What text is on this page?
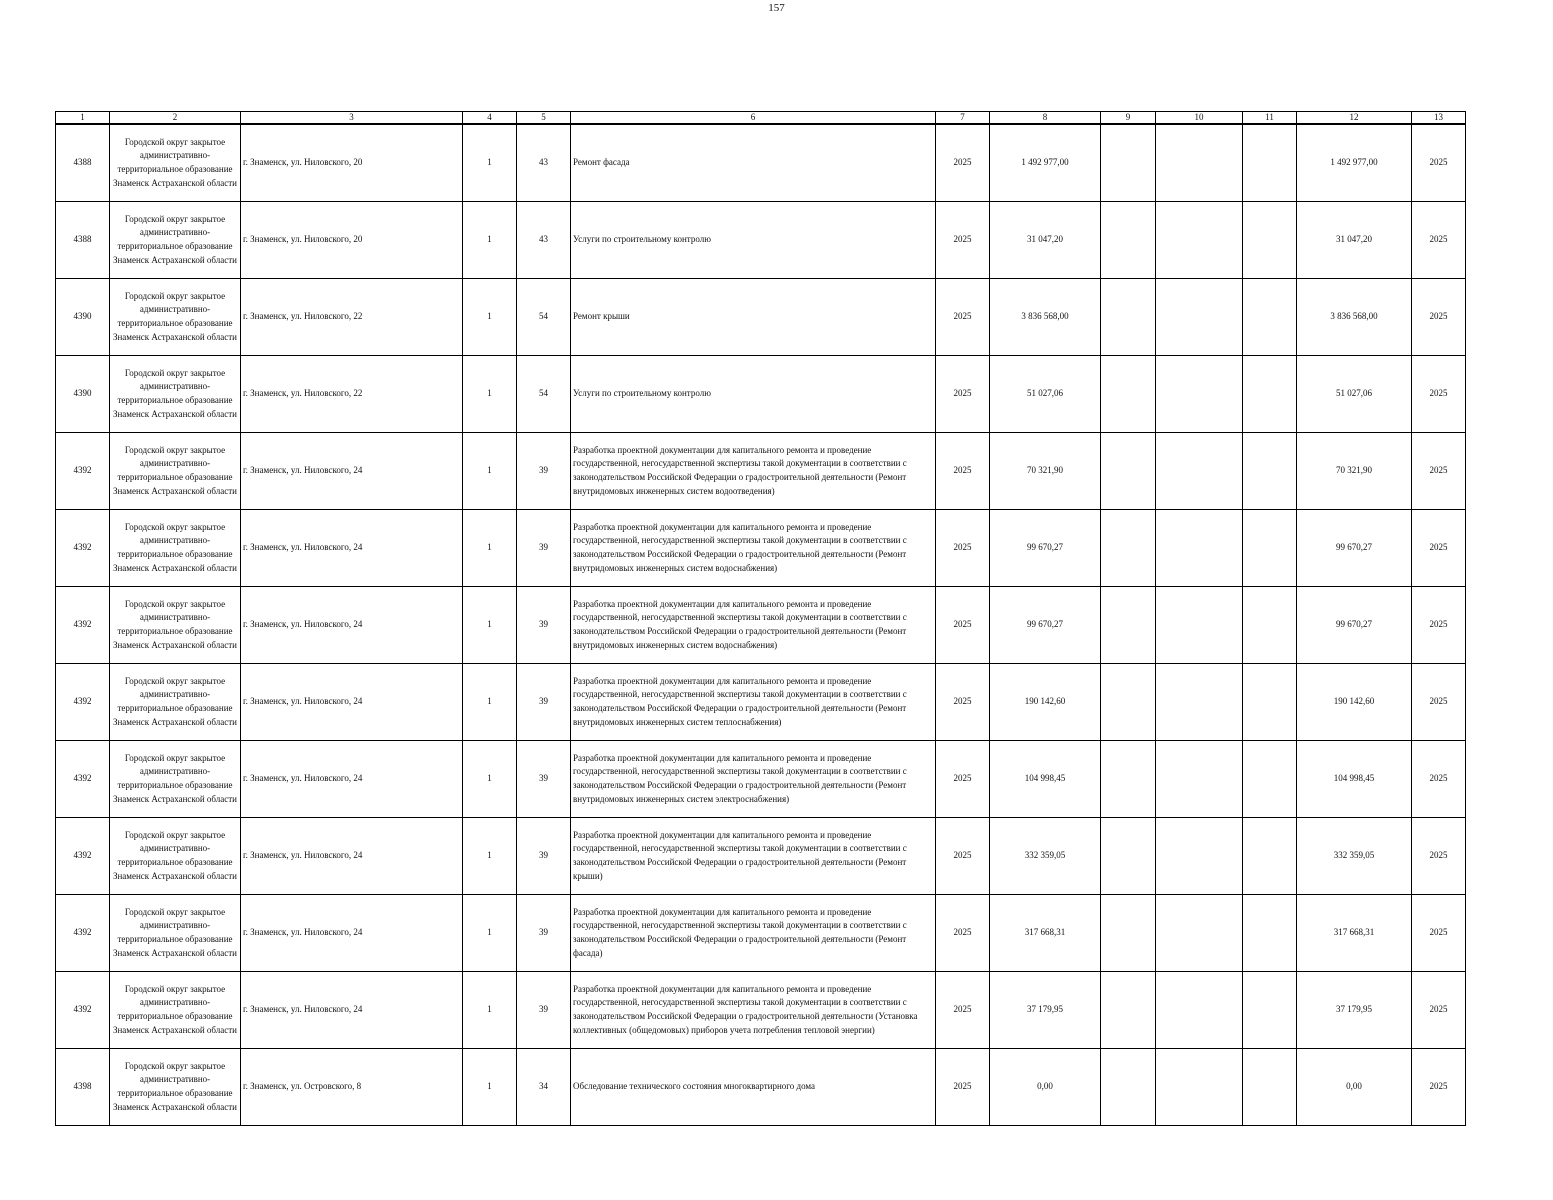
157
1	2	3	4	5	6	7	8	9	10	11	12	13
4388	Городской округ закрытое административно-территориальное образование Знаменск Астраханской области	г. Знаменск, ул. Ниловского, 20	1	43	Ремонт фасада	2025	1 492 977,00				1 492 977,00	2025
4388	Городской округ закрытое административно-территориальное образование Знаменск Астраханской области	г. Знаменск, ул. Ниловского, 20	1	43	Услуги по строительному контролю	2025	31 047,20				31 047,20	2025
4390	Городской округ закрытое административно-территориальное образование Знаменск Астраханской области	г. Знаменск, ул. Ниловского, 22	1	54	Ремонт крыши	2025	3 836 568,00				3 836 568,00	2025
4390	Городской округ закрытое административно-территориальное образование Знаменск Астраханской области	г. Знаменск, ул. Ниловского, 22	1	54	Услуги по строительному контролю	2025	51 027,06				51 027,06	2025
4392	Городской округ закрытое административно-территориальное образование Знаменск Астраханской области	г. Знаменск, ул. Ниловского, 24	1	39	Разработка проектной документации для капитального ремонта и проведение государственной, негосударственной экспертизы такой документации в соответствии с законодательством Российской Федерации о градостроительной деятельности (Ремонт внутридомовых инженерных систем водоотведения)	2025	70 321,90				70 321,90	2025
4392	Городской округ закрытое административно-территориальное образование Знаменск Астраханской области	г. Знаменск, ул. Ниловского, 24	1	39	Разработка проектной документации для капитального ремонта и проведение государственной, негосударственной экспертизы такой документации в соответствии с законодательством Российской Федерации о градостроительной деятельности (Ремонт внутридомовых инженерных систем водоснабжения)	2025	99 670,27				99 670,27	2025
4392	Городской округ закрытое административно-территориальное образование Знаменск Астраханской области	г. Знаменск, ул. Ниловского, 24	1	39	Разработка проектной документации для капитального ремонта и проведение государственной, негосударственной экспертизы такой документации в соответствии с законодательством Российской Федерации о градостроительной деятельности (Ремонт внутридомовых инженерных систем водоснабжения)	2025	99 670,27				99 670,27	2025
4392	Городской округ закрытое административно-территориальное образование Знаменск Астраханской области	г. Знаменск, ул. Ниловского, 24	1	39	Разработка проектной документации для капитального ремонта и проведение государственной, негосударственной экспертизы такой документации в соответствии с законодательством Российской Федерации о градостроительной деятельности (Ремонт внутридомовых инженерных систем теплоснабжения)	2025	190 142,60				190 142,60	2025
4392	Городской округ закрытое административно-территориальное образование Знаменск Астраханской области	г. Знаменск, ул. Ниловского, 24	1	39	Разработка проектной документации для капитального ремонта и проведение государственной, негосударственной экспертизы такой документации в соответствии с законодательством Российской Федерации о градостроительной деятельности (Ремонт внутридомовых инженерных систем электроснабжения)	2025	104 998,45				104 998,45	2025
4392	Городской округ закрытое административно-территориальное образование Знаменск Астраханской области	г. Знаменск, ул. Ниловского, 24	1	39	Разработка проектной документации для капитального ремонта и проведение государственной, негосударственной экспертизы такой документации в соответствии с законодательством Российской Федерации о градостроительной деятельности (Ремонт крыши)	2025	332 359,05				332 359,05	2025
4392	Городской округ закрытое административно-территориальное образование Знаменск Астраханской области	г. Знаменск, ул. Ниловского, 24	1	39	Разработка проектной документации для капитального ремонта и проведение государственной, негосударственной экспертизы такой документации в соответствии с законодательством Российской Федерации о градостроительной деятельности (Ремонт фасада)	2025	317 668,31				317 668,31	2025
4392	Городской округ закрытое административно-территориальное образование Знаменск Астраханской области	г. Знаменск, ул. Ниловского, 24	1	39	Разработка проектной документации для капитального ремонта и проведение государственной, негосударственной экспертизы такой документации в соответствии с законодательством Российской Федерации о градостроительной деятельности (Установка коллективных (общедомовых) приборов учета потребления тепловой энергии)	2025	37 179,95				37 179,95	2025
4398	Городской округ закрытое административно-территориальное образование Знаменск Астраханской области	г. Знаменск, ул. Островского, 8	1	34	Обследование технического состояния многоквартирного дома	2025	0,00				0,00	2025
